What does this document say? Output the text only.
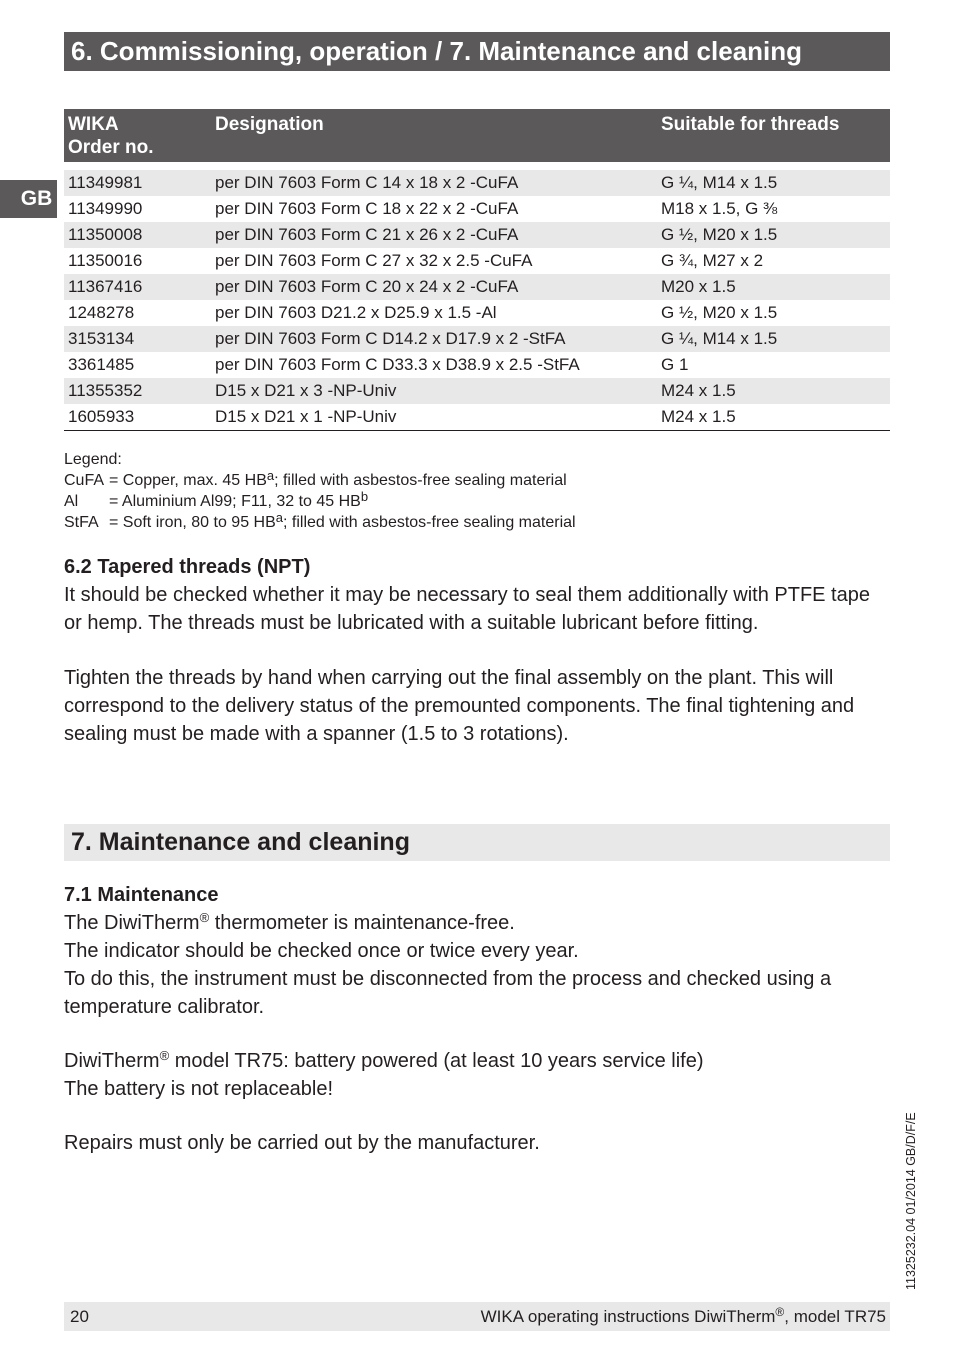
6. Commissioning, operation / 7. Maintenance and cleaning
GB
WIKA
Order no.	Designation	Suitable for threads

11349981	per DIN 7603 Form C 14 x 18 x 2 -CuFA	G ¼, M14 x 1.5
11349990	per DIN 7603 Form C 18 x 22 x 2 -CuFA	M18 x 1.5, G ⅜
11350008	per DIN 7603 Form C 21 x 26 x 2 -CuFA	G ½, M20 x 1.5
11350016	per DIN 7603 Form C 27 x 32 x 2.5 -CuFA	G ¾, M27 x 2
11367416	per DIN 7603 Form C 20 x 24 x 2 -CuFA	M20 x 1.5
1248278	per DIN 7603 D21.2 x D25.9 x 1.5 -Al	G ½, M20 x 1.5
3153134	per DIN 7603 Form C D14.2 x D17.9 x 2 -StFA	G ¼, M14 x 1.5
3361485	per DIN 7603 Form C D33.3 x D38.9 x 2.5 -StFA	G 1
11355352	D15 x D21 x 3 -NP-Univ	M24 x 1.5
1605933	D15 x D21 x 1 -NP-Univ	M24 x 1.5
Legend:
CuFA = Copper, max. 45 $HB^a$; filled with asbestos-free sealing material
Al = Aluminium Al99; F11, 32 to 45 $HB^b$
StFA = Soft iron, 80 to 95 $HB^a$; filled with asbestos-free sealing material
6.2 Tapered threads (NPT)

It should be checked whether it may be necessary to seal them additionally with PTFE tape or hemp. The threads must be lubricated with a suitable lubricant before fitting.

Tighten the threads by hand when carrying out the final assembly on the plant. This will correspond to the delivery status of the premounted components. The final tightening and sealing must be made with a spanner (1.5 to 3 rotations).

7. Maintenance and cleaning
7.1 Maintenance

The DiwiTherm® thermometer is maintenance-free.

The indicator should be checked once or twice every year.

To do this, the instrument must be disconnected from the process and checked using a temperature calibrator.

DiwiTherm® model TR75: battery powered (at least 10 years service life)

The battery is not replaceable!

Repairs must only be carried out by the manufacturer.	11325232.04 01/2014 GB/D/F/E
20	WIKA operating instructions DiwiTherm®, model TR75
